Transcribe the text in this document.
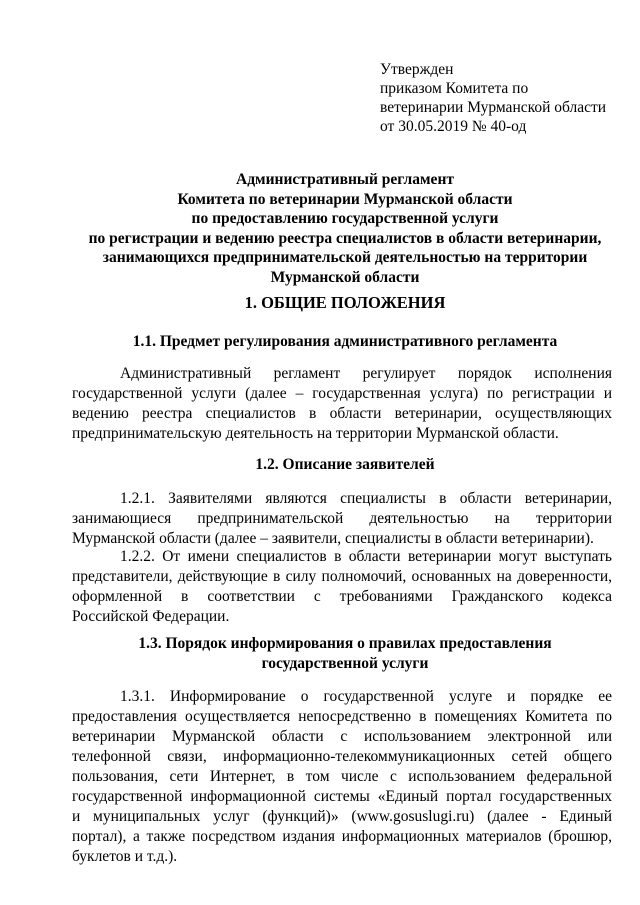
Утвержден
приказом Комитета по
ветеринарии Мурманской области
от 30.05.2019 № 40-од
Административный регламент
Комитета по ветеринарии Мурманской области
по предоставлению государственной услуги
по регистрации и ведению реестра специалистов в области ветеринарии,
занимающихся предпринимательской деятельностью на территории
Мурманской области
1. ОБЩИЕ ПОЛОЖЕНИЯ
1.1. Предмет регулирования административного регламента
Административный регламент регулирует порядок исполнения
государственной услуги (далее – государственная услуга) по регистрации и
ведению реестра специалистов в области ветеринарии, осуществляющих
предпринимательскую деятельность на территории Мурманской области.
1.2. Описание заявителей
1.2.1. Заявителями являются специалисты в области ветеринарии,
занимающиеся предпринимательской деятельностью на территории
Мурманской области (далее – заявители, специалисты в области ветеринарии).
1.2.2. От имени специалистов в области ветеринарии могут выступать
представители, действующие в силу полномочий, основанных на доверенности,
оформленной в соответствии с требованиями Гражданского кодекса
Российской Федерации.
1.3. Порядок информирования о правилах предоставления
государственной услуги
1.3.1. Информирование о государственной услуге и порядке ее
предоставления осуществляется непосредственно в помещениях Комитета по
ветеринарии Мурманской области с использованием электронной или
телефонной связи, информационно-телекоммуникационных сетей общего
пользования, сети Интернет, в том числе с использованием федеральной
государственной информационной системы «Единый портал государственных
и муниципальных услуг (функций)» (www.gosuslugi.ru) (далее - Единый
портал), а также посредством издания информационных материалов (брошюр,
буклетов и т.д.).
